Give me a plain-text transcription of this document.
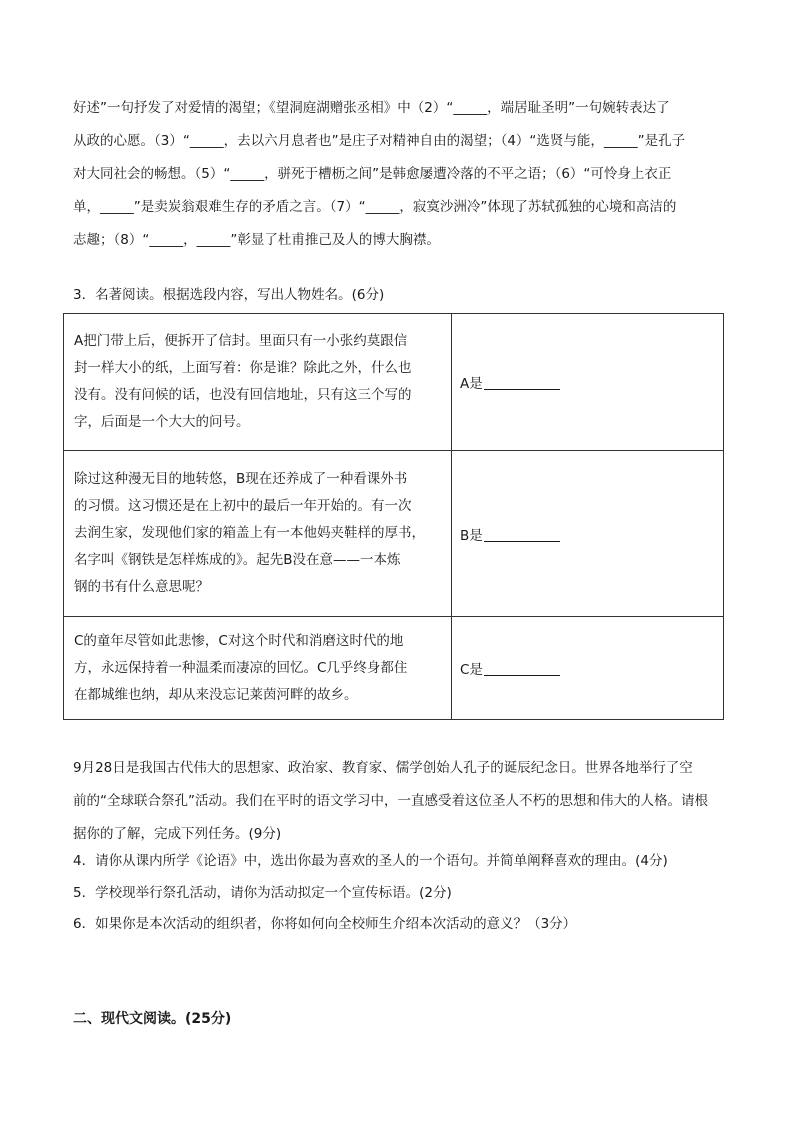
好述”一句抒发了对爱情的渴望；《望洞庭湖赠张丞相》中（2）“_____，端居耻圣明”一句婉转表达了
从政的心愿。（3）“_____，去以六月息者也”是庄子对精神自由的渴望；（4）“选贤与能，_____”是孔子
对大同社会的畅想。（5）“_____，骈死于槽枥之间”是韩愈屡遭冷落的不平之语；（6）“可怜身上衣正
单，_____”是卖炭翁艰难生存的矛盾之言。（7）“_____，寂寞沙洲冷”体现了苏轼孤独的心境和高洁的
志趣；（8）“_____，_____”彰显了杜甫推己及人的博大胸襟。
3．名著阅读。根据选段内容，写出人物姓名。(6分)
A把门带上后，便拆开了信封。里面只有一小张约莫跟信
封一样大小的纸，上面写着：你是谁？除此之外，什么也
没有。没有问候的话，也没有回信地址，只有这三个写的
字，后面是一个大大的问号。	A是

除过这种漫无目的地转悠，B现在还养成了一种看课外书
的习惯。这习惯还是在上初中的最后一年开始的。有一次
去润生家，发现他们家的箱盖上有一本他妈夹鞋样的厚书，
名字叫《钢铁是怎样炼成的》。起先B没在意——一本炼
钢的书有什么意思呢？	B是

C的童年尽管如此悲惨，C对这个时代和消磨这时代的地
方，永远保持着一种温柔而凄凉的回忆。C几乎终身都住
在都城维也纳，却从来没忘记莱茵河畔的故乡。	C是
9月28日是我国古代伟大的思想家、政治家、教育家、儒学创始人孔子的诞辰纪念日。世界各地举行了空
前的“全球联合祭孔”活动。我们在平时的语文学习中，一直感受着这位圣人不朽的思想和伟大的人格。请根
据你的了解，完成下列任务。(9分)
4．请你从课内所学《论语》中，选出你最为喜欢的圣人的一个语句。并简单阐释喜欢的理由。(4分)
5．学校现举行祭孔活动，请你为活动拟定一个宣传标语。(2分)
6．如果你是本次活动的组织者，你将如何向全校师生介绍本次活动的意义？（3分）
二、现代文阅读。(25分)
